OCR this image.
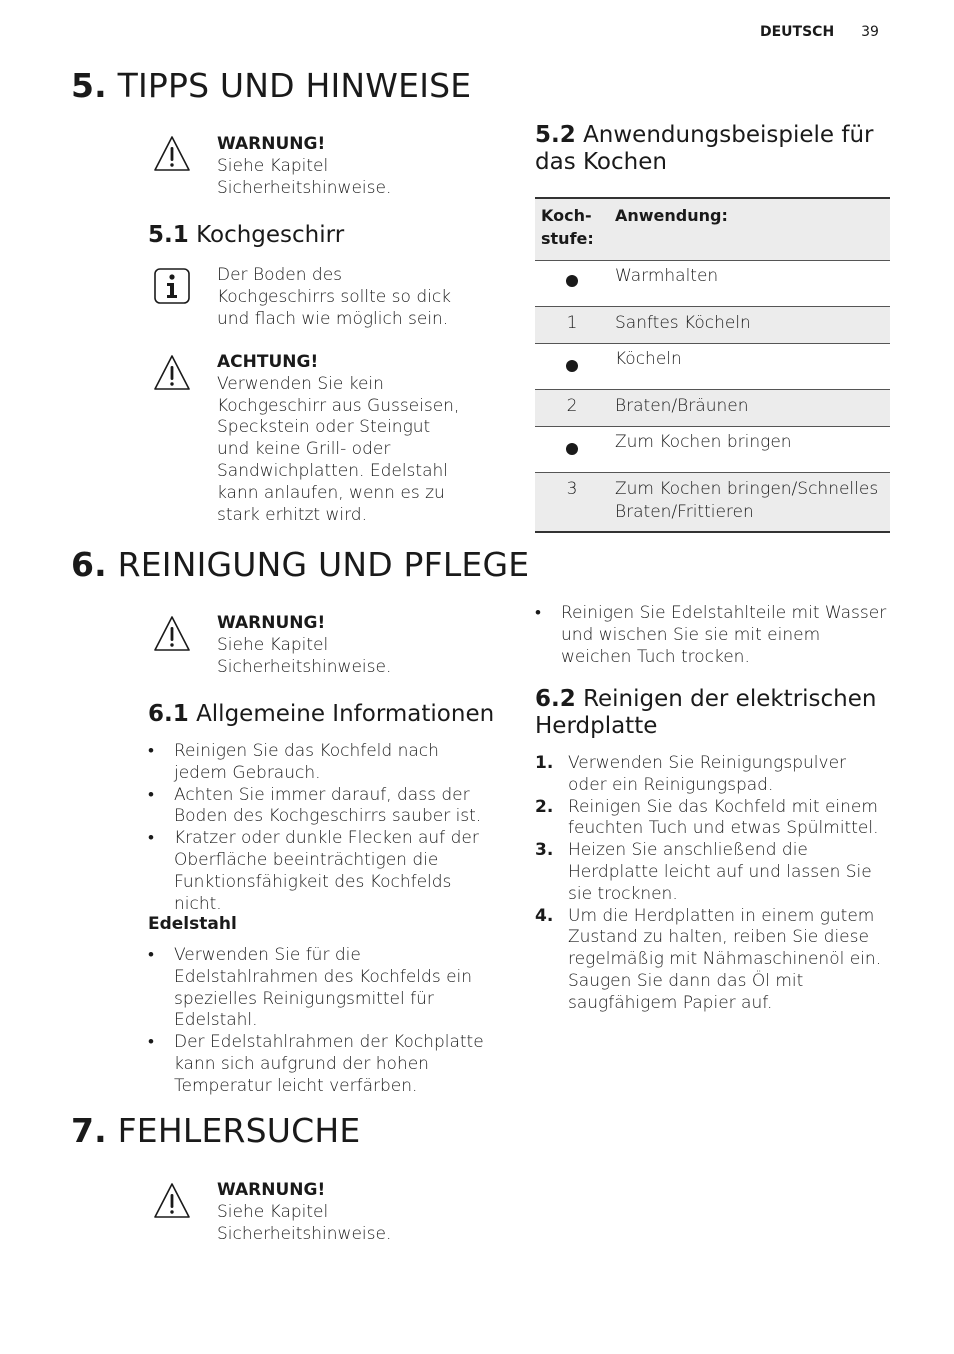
DEUTSCH 39
5. TIPPS UND HINWEISE
WARNUNG!
Siehe Kapitel
Sicherheitshinweise.
5.1 Kochgeschirr
Der Boden des
Kochgeschirrs sollte so dick
und flach wie möglich sein.
ACHTUNG!
Verwenden Sie kein
Kochgeschirr aus Gusseisen,
Speckstein oder Steingut
und keine Grill- oder
Sandwichplatten. Edelstahl
kann anlaufen, wenn es zu
stark erhitzt wird.
5.2 Anwendungsbeispiele für
das Kochen
Koch-
stufe:	Anwendung:
	Warmhalten
1	Sanftes Köcheln
	Köcheln
2	Braten/Bräunen
	Zum Kochen bringen
3	Zum Kochen bringen/Schnelles
Braten/Frittieren
6. REINIGUNG UND PFLEGE
WARNUNG!
Siehe Kapitel
Sicherheitshinweise.
6.1 Allgemeine Informationen
• Reinigen Sie das Kochfeld nach
jedem Gebrauch.
• Achten Sie immer darauf, dass der
Boden des Kochgeschirrs sauber ist.
• Kratzer oder dunkle Flecken auf der
Oberfläche beeinträchtigen die
Funktionsfähigkeit des Kochfelds
nicht.
Edelstahl
• Verwenden Sie für die
Edelstahlrahmen des Kochfelds ein
spezielles Reinigungsmittel für
Edelstahl.
• Der Edelstahlrahmen der Kochplatte
kann sich aufgrund der hohen
Temperatur leicht verfärben.
• Reinigen Sie Edelstahlteile mit Wasser
und wischen Sie sie mit einem
weichen Tuch trocken.
6.2 Reinigen der elektrischen
Herdplatte
1. Verwenden Sie Reinigungspulver
oder ein Reinigungspad.
2. Reinigen Sie das Kochfeld mit einem
feuchten Tuch und etwas Spülmittel.
3. Heizen Sie anschließend die
Herdplatte leicht auf und lassen Sie
sie trocknen.
4. Um die Herdplatten in einem gutem
Zustand zu halten, reiben Sie diese
regelmäßig mit Nähmaschinenöl ein.
Saugen Sie dann das Öl mit
saugfähigem Papier auf.
7. FEHLERSUCHE
WARNUNG!
Siehe Kapitel
Sicherheitshinweise.
